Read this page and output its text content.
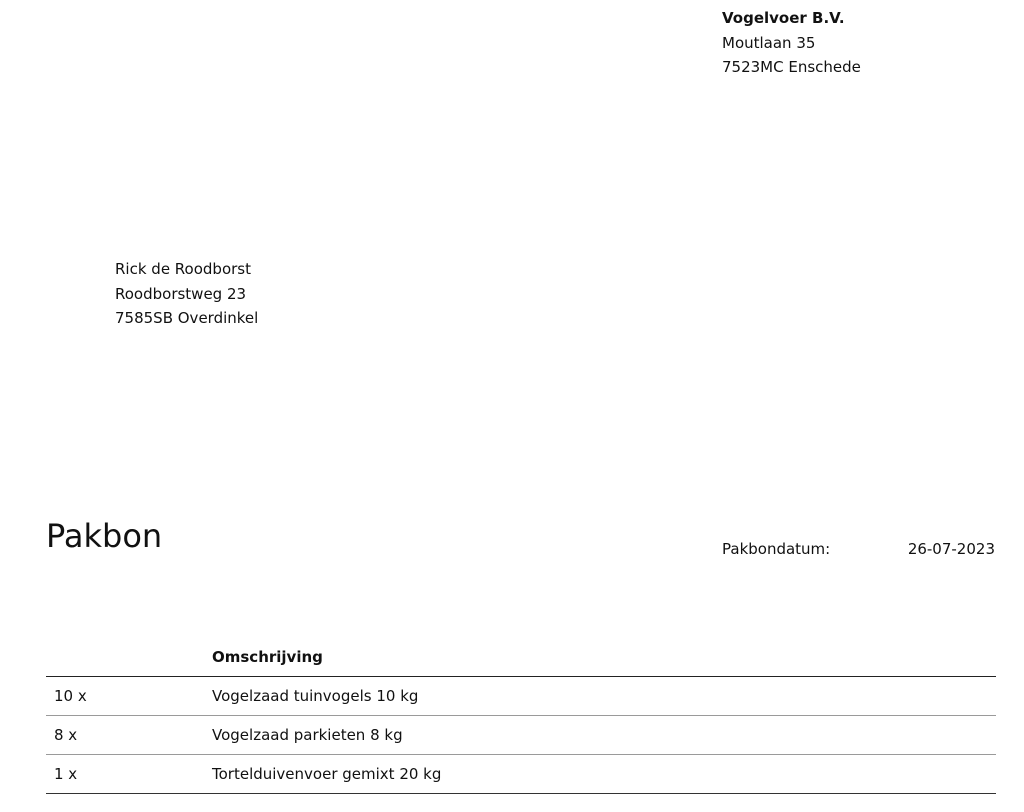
Vogelvoer B.V.
Moutlaan 35
7523MC Enschede
Rick de Roodborst
Roodborstweg 23
7585SB Overdinkel
Pakbon	Pakbondatum:	26-07-2023
	Omschrijving
10 x	Vogelzaad tuinvogels 10 kg
8 x	Vogelzaad parkieten 8 kg
1 x	Tortelduivenvoer gemixt 20 kg
